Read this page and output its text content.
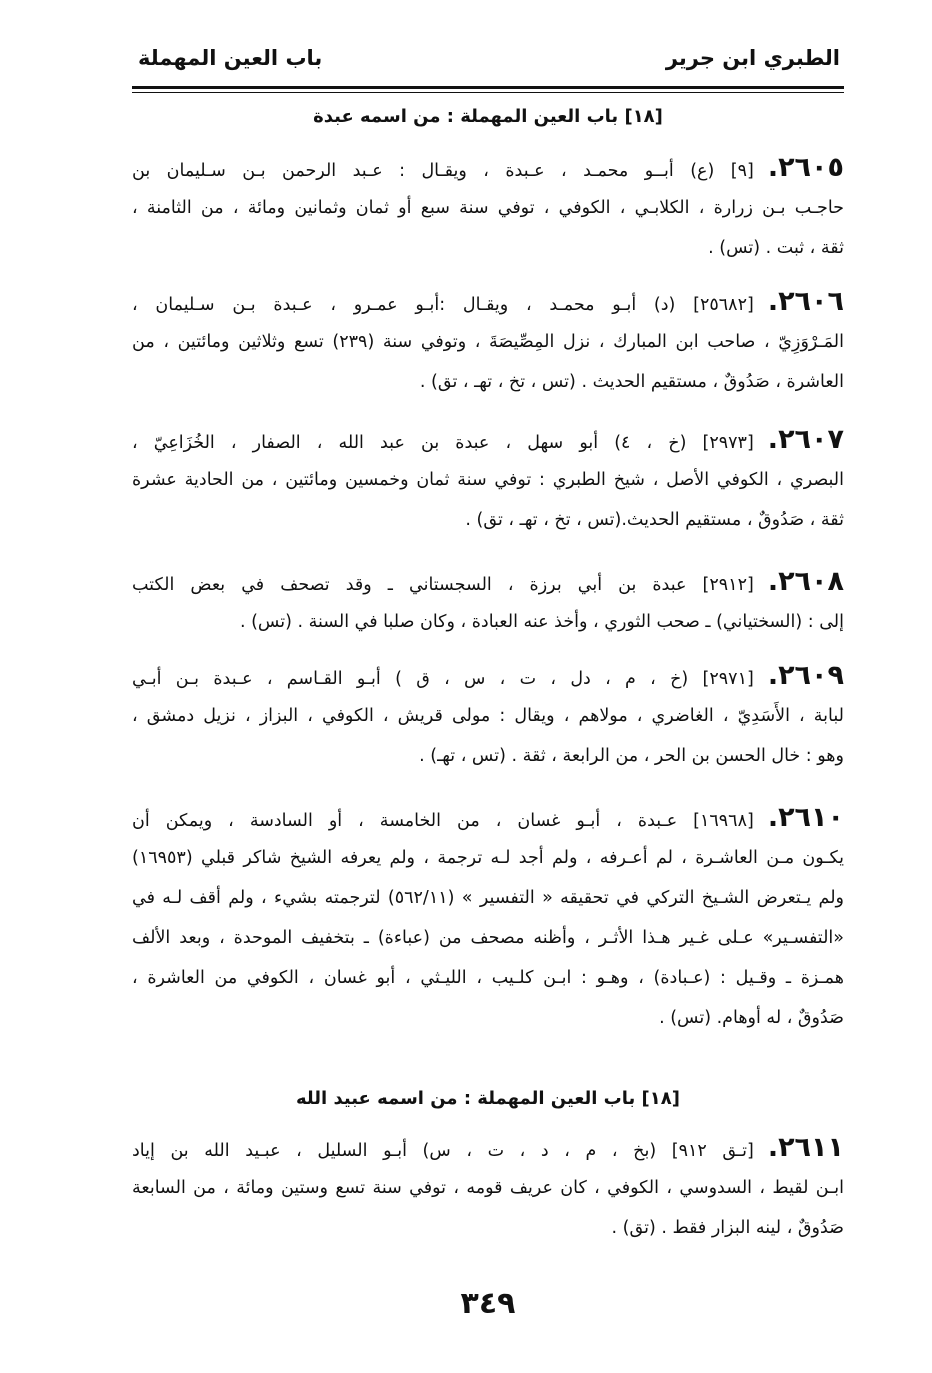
الطبري ابن جرير
باب العين المهملة
[١٨] باب العين المهملة : من اسمه عبدة
٢٦٠٥.[٩] (ع) أبــو محمـد ، عـبدة ، ويقـال : عـبد الرحمن بـن سـليمان بن
حاجـب بـن زرارة ، الكلابـي ، الكوفي ، توفي سنة سبع أو ثمان وثمانين ومائة ، من الثامنة ،
ثقة ، ثبت . (تس) .
٢٦٠٦.[٢٥٦٨٢] (د) أبـو محمـد ، ويقـال :أبـو عمـرو ، عـبدة بـن سـليمان ،
المَـرْوَزِيّ ، صاحب ابن المبارك ، نزل المِصِّيصَةَ ، وتوفي سنة (٢٣٩) تسع وثلاثين ومائتين ، من
العاشرة ، صَدُوقٌ ، مستقيم الحديث . (تس ، تخ ، تهـ ، تق) .
٢٦٠٧.[٢٩٧٣] (خ ، ٤) أبو سهل ، عبدة بن عبد الله ، الصفار ، الخُزَاعِيّ ،
البصري ، الكوفي الأصل ، شيخ الطبري : توفي سنة ثمان وخمسين ومائتين ، من الحادية عشرة
ثقة ، صَدُوقٌ ، مستقيم الحديث.(تس ، تخ ، تهـ ، تق) .
٢٦٠٨.[٢٩١٢] عبدة بن أبي برزة ، السجستاني ـ وقد تصحف في بعض الكتب
إلى : (السختياني) ـ صحب الثوري ، وأخذ عنه العبادة ، وكان صلبا في السنة . (تس) .
٢٦٠٩.[٢٩٧١] (خ ، م ، دل ، ت ، س ، ق ) أبـو القـاسم ، عـبدة بـن أبـي
لبابة ، الأَسَدِيّ ، الغاضري ، مولاهم ، ويقال : مولى قريش ، الكوفي ، البزاز ، نزيل دمشق ،
وهو : خال الحسن بن الحر ، من الرابعة ، ثقة . (تس ، تهـ) .
٢٦١٠.[١٦٩٦٨] عـبدة ، أبـو غسان ، من الخامسة ، أو السادسة ، ويمكن أن
يكـون مـن العاشـرة ، لم أعـرفه ، ولم أجد لـه ترجمة ، ولم يعرفه الشيخ شاكر قبلي (١٦٩٥٣)
ولم يـتعرض الشـيخ التركي في تحقيقه « التفسير » (٥٦٢/١١) لترجمته بشيء ، ولم أقف لـه في
«التفسـير» عـلى غـير هـذا الأثـر ، وأظنه مصحف من (عباءة) ـ بتخفيف الموحدة ، وبعد الألف
همـزة ـ وقـيل : (عـبادة) ، وهـو : ابـن كلـيب ، الليـثي ، أبو غسان ، الكوفي من العاشرة ،
صَدُوقٌ ، له أوهام. (تس) .
[١٨] باب العين المهملة : من اسمه عبيد الله
٢٦١١.[تـق ٩١٢] (بخ ، م ، د ، ت ، س) أبـو السليل ، عبـيد الله بن إياد
ابـن لقيط ، السدوسي ، الكوفي ، كان عريف قومه ، توفي سنة تسع وستين ومائة ، من السابعة
صَدُوقٌ ، لينه البزار فقط . (تق) .
٣٤٩
